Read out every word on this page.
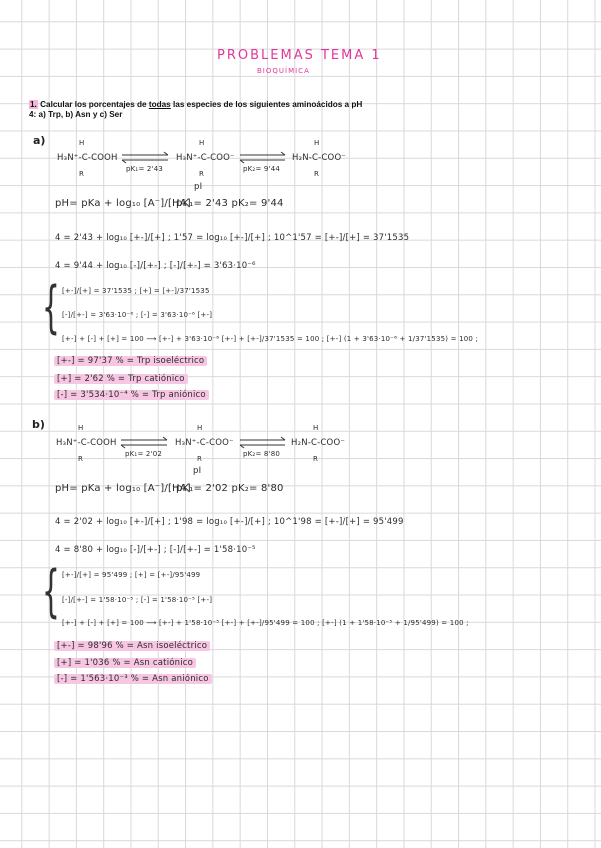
PROBLEMAS TEMA 1
BIOQUÍMICA
1. Calcular los porcentajes de todas las especies de los siguientes aminoácidos a pH
4: a) Trp, b) Asn y c) Ser
a)	H
H₃N⁺-C-COOH
R
H
H₃N⁺-C-COO⁻
R
pI
H
H₂N-C-COO⁻
R
pK₁= 2'43	pK₂= 9'44
pH= pKa + log₁₀ [A⁻]/[HA]
pK₁= 2'43 pK₂= 9'44
4 = 2'43 + log₁₀ [+-]/[+] ; 1'57 = log₁₀ [+-]/[+] ; 10^1'57 = [+-]/[+] = 37'1535
4 = 9'44 + log₁₀ [-]/[+-] ; [-]/[+-] = 3'63·10⁻⁶
{ [+-]/[+] = 37'1535 ; [+] = [+-]/37'1535
[-]/[+-] = 3'63·10⁻⁶ ; [-] = 3'63·10⁻⁶ [+-]
[+-] + [-] + [+] = 100 ⟶ [+-] + 3'63·10⁻⁶ [+-] + [+-]/37'1535 = 100 ; [+-] (1 + 3'63·10⁻⁶ + 1/37'1535) = 100 ;
[+-] = 97'37 % = Trp isoeléctrico
[+] = 2'62 % = Trp catiónico
[-] = 3'534·10⁻⁴ % = Trp aniónico
b)	H
H₃N⁺-C-COOH
R
H
H₃N⁺-C-COO⁻
R
pI
H
H₂N-C-COO⁻
R
pK₁= 2'02	pK₂= 8'80
pH= pKa + log₁₀ [A⁻]/[HA]
pK₁= 2'02 pK₂= 8'80
4 = 2'02 + log₁₀ [+-]/[+] ; 1'98 = log₁₀ [+-]/[+] ; 10^1'98 = [+-]/[+] = 95'499
4 = 8'80 + log₁₀ [-]/[+-] ; [-]/[+-] = 1'58·10⁻⁵
{ [+-]/[+] = 95'499 ; [+] = [+-]/95'499
[-]/[+-] = 1'58·10⁻⁵ ; [-] = 1'58·10⁻⁵ [+-]
[+-] + [-] + [+] = 100 ⟶ [+-] + 1'58·10⁻⁵ [+-] + [+-]/95'499 = 100 ; [+-] (1 + 1'58·10⁻⁵ + 1/95'499) = 100 ;
[+-] = 98'96 % = Asn isoeléctrico
[+] = 1'036 % = Asn catiónico
[-] = 1'563·10⁻³ % = Asn aniónico
